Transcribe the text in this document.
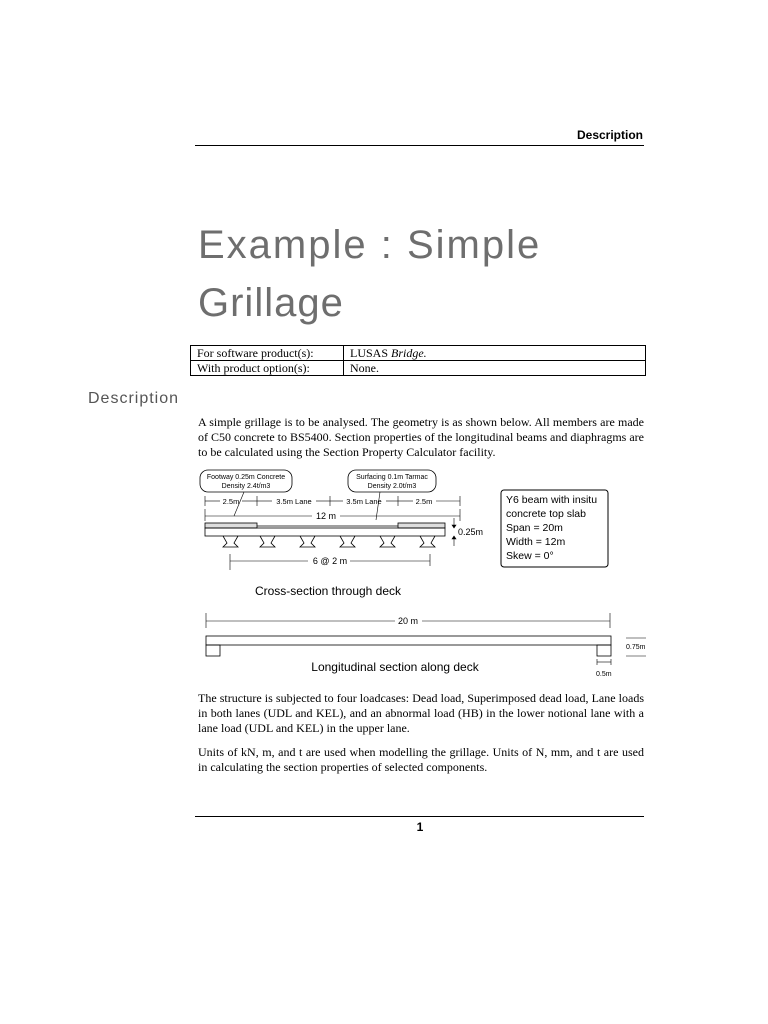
Description
Example : Simple
Grillage
For software product(s):	LUSAS Bridge.
With product option(s):	None.
Description
A simple grillage is to be analysed. The geometry is as shown below. All members are made of C50 concrete to BS5400. Section properties of the longitudinal beams and diaphragms are to be calculated using the Section Property Calculator facility.
Footway 0.25m Concrete
Density 2.4t/m3
Surfacing 0.1m Tarmac
Density 2.0t/m3
2.5m	3.5m Lane	3.5m Lane	2.5m
12 m
0.25m
6 @ 2 m
Cross-section through deck
Y6 beam with insitu
concrete top slab
Span = 20m
Width = 12m
Skew = 0°
20 m
0.75m
0.5m
Longitudinal section along deck
The structure is subjected to four loadcases: Dead load, Superimposed dead load, Lane loads in both lanes (UDL and KEL), and an abnormal load (HB) in the lower notional lane with a lane load (UDL and KEL) in the upper lane.
Units of kN, m, and t are used when modelling the grillage. Units of N, mm, and t are used in calculating the section properties of selected components.
1
